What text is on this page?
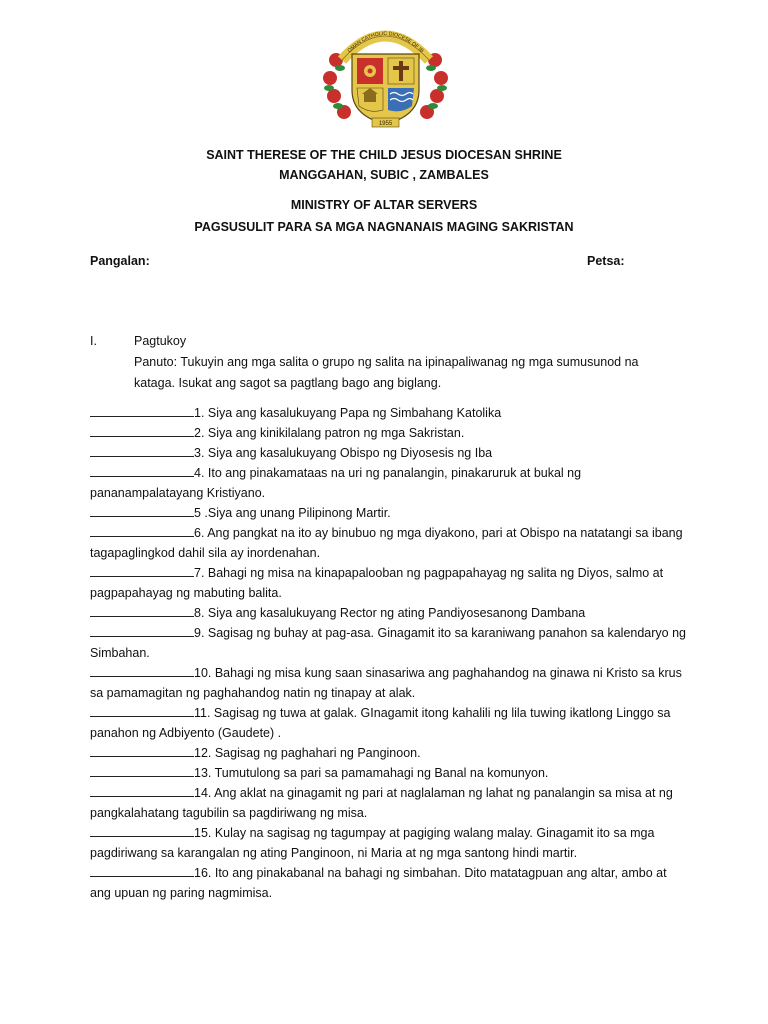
OMAN CATHOLIC DIOCESE OF IB
1955
SAINT THERESE OF THE CHILD JESUS DIOCESAN SHRINE
MANGGAHAN, SUBIC , ZAMBALES
MINISTRY OF ALTAR SERVERS
PAGSUSULIT PARA SA MGA NAGNANAIS MAGING SAKRISTAN
Pangalan:	Petsa:
I.	Pagtukoy
Panuto: Tukuyin ang mga salita o grupo ng salita na ipinapaliwanag ng mga sumusunod na
kataga. Isukat ang sagot sa pagtlang bago ang biglang.

1. Siya ang kasalukuyang Papa ng Simbahang Katolika

2. Siya ang kinikilalang patron ng mga Sakristan.

3. Siya ang kasalukuyang Obispo ng Diyosesis ng Iba

4. Ito ang pinakamataas na uri ng panalangin, pinakaruruk at bukal ng pananampalatayang Kristiyano.

5 .Siya ang unang Pilipinong Martir.

6. Ang pangkat na ito ay binubuo ng mga diyakono, pari at Obispo na natatangi sa ibang tagapaglingkod dahil sila ay inordenahan.

7. Bahagi ng misa na kinapapalooban ng pagpapahayag ng salita ng Diyos, salmo at pagpapahayag ng mabuting balita.

8. Siya ang kasalukuyang Rector ng ating Pandiyosesanong Dambana

9. Sagisag ng buhay at pag-asa. Ginagamit ito sa karaniwang panahon sa kalendaryo ng Simbahan.

10. Bahagi ng misa kung saan sinasariwa ang paghahandog na ginawa ni Kristo sa krus sa pamamagitan ng paghahandog natin ng tinapay at alak.

11. Sagisag ng tuwa at galak. GInagamit itong kahalili ng lila tuwing ikatlong Linggo sa panahon ng Adbiyento (Gaudete) .

12. Sagisag ng paghahari ng Panginoon.

13. Tumutulong sa pari sa pamamahagi ng Banal na komunyon.

14. Ang aklat na ginagamit ng pari at naglalaman ng lahat ng panalangin sa misa at ng pangkalahatang tagubilin sa pagdiriwang ng misa.

15. Kulay na sagisag ng tagumpay at pagiging walang malay. Ginagamit ito sa mga pagdiriwang sa karangalan ng ating Panginoon, ni Maria at ng mga santong hindi martir.

16. Ito ang pinakabanal na bahagi ng simbahan. Dito matatagpuan ang altar, ambo at ang upuan ng paring nagmimisa.
